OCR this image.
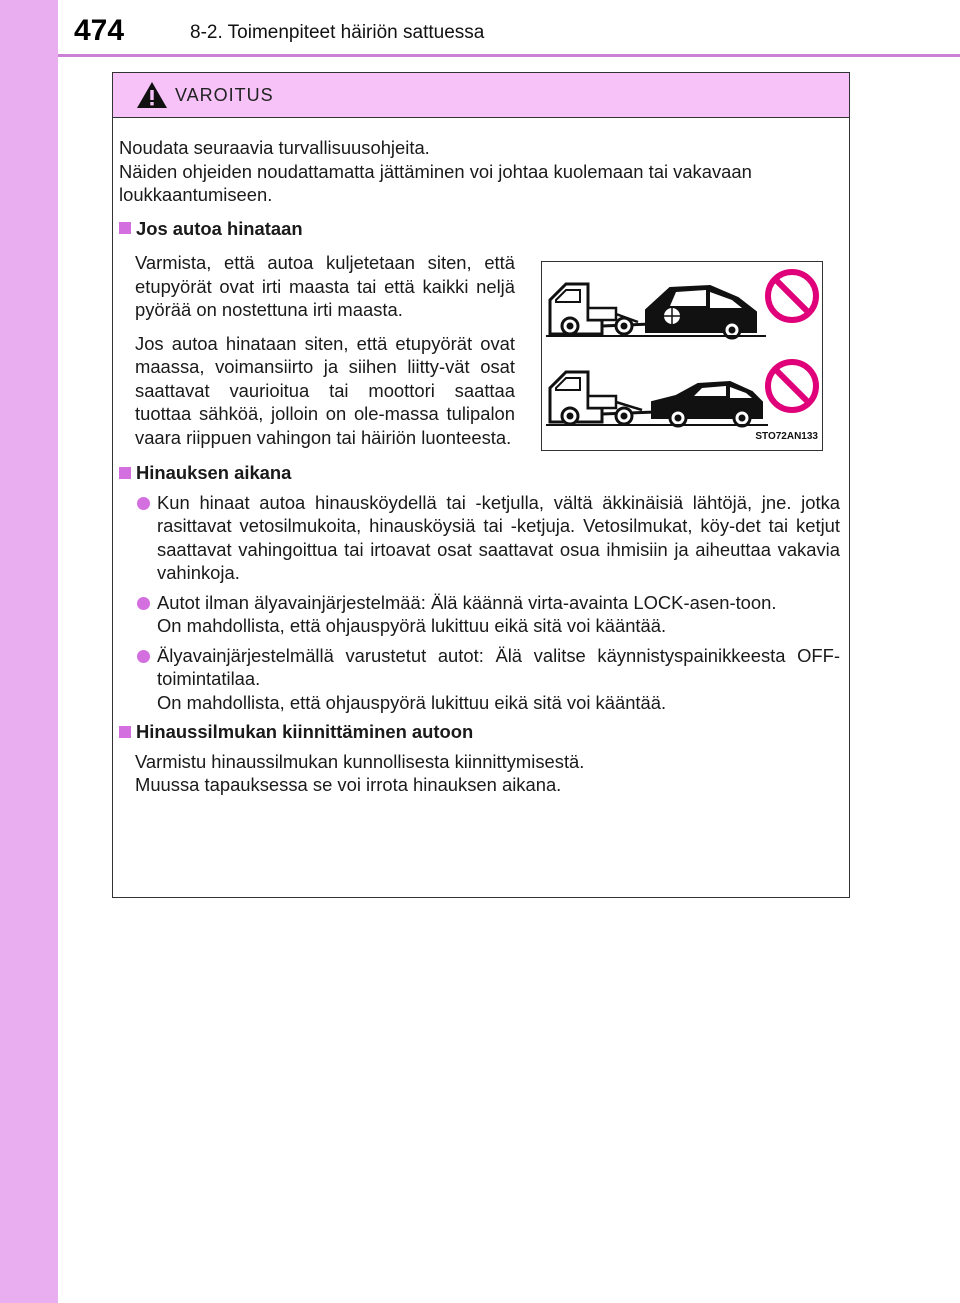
474	8-2. Toimenpiteet häiriön sattuessa
VAROITUS

Noudata seuraavia turvallisuusohjeita.

Näiden ohjeiden noudattamatta jättäminen voi johtaa kuolemaan tai vakavaan loukkaantumiseen.

Jos autoa hinataan

Varmista, että autoa kuljetetaan siten, että etupyörät ovat irti maasta tai että kaikki neljä pyörää on nostettuna irti maasta.

Jos autoa hinataan siten, että etupyörät ovat maassa, voimansiirto ja siihen liitty-vät osat saattavat vaurioitua tai moottori saattaa tuottaa sähköä, jolloin on ole-massa tulipalon vaara riippuen vahingon tai häiriön luonteesta.	STO72AN133
Hinauksen aikana
Kun hinaat autoa hinausköydellä tai -ketjulla, vältä äkkinäisiä lähtöjä, jne. jotka rasittavat vetosilmukoita, hinausköysiä tai -ketjuja. Vetosilmukat, köy-det tai ketjut saattavat vahingoittua tai irtoavat osat saattavat osua ihmisiin ja aiheuttaa vakavia vahinkoja.
Autot ilman älyavainjärjestelmää: Älä käännä virta-avainta LOCK-asen-toon.
On mahdollista, että ohjauspyörä lukittuu eikä sitä voi kääntää.
Älyavainjärjestelmällä varustetut autot: Älä valitse käynnistyspainikkeesta OFF-toimintatilaa.
On mahdollista, että ohjauspyörä lukittuu eikä sitä voi kääntää.
Hinaussilmukan kiinnittäminen autoon
Varmistu hinaussilmukan kunnollisesta kiinnittymisestä.
Muussa tapauksessa se voi irrota hinauksen aikana.
